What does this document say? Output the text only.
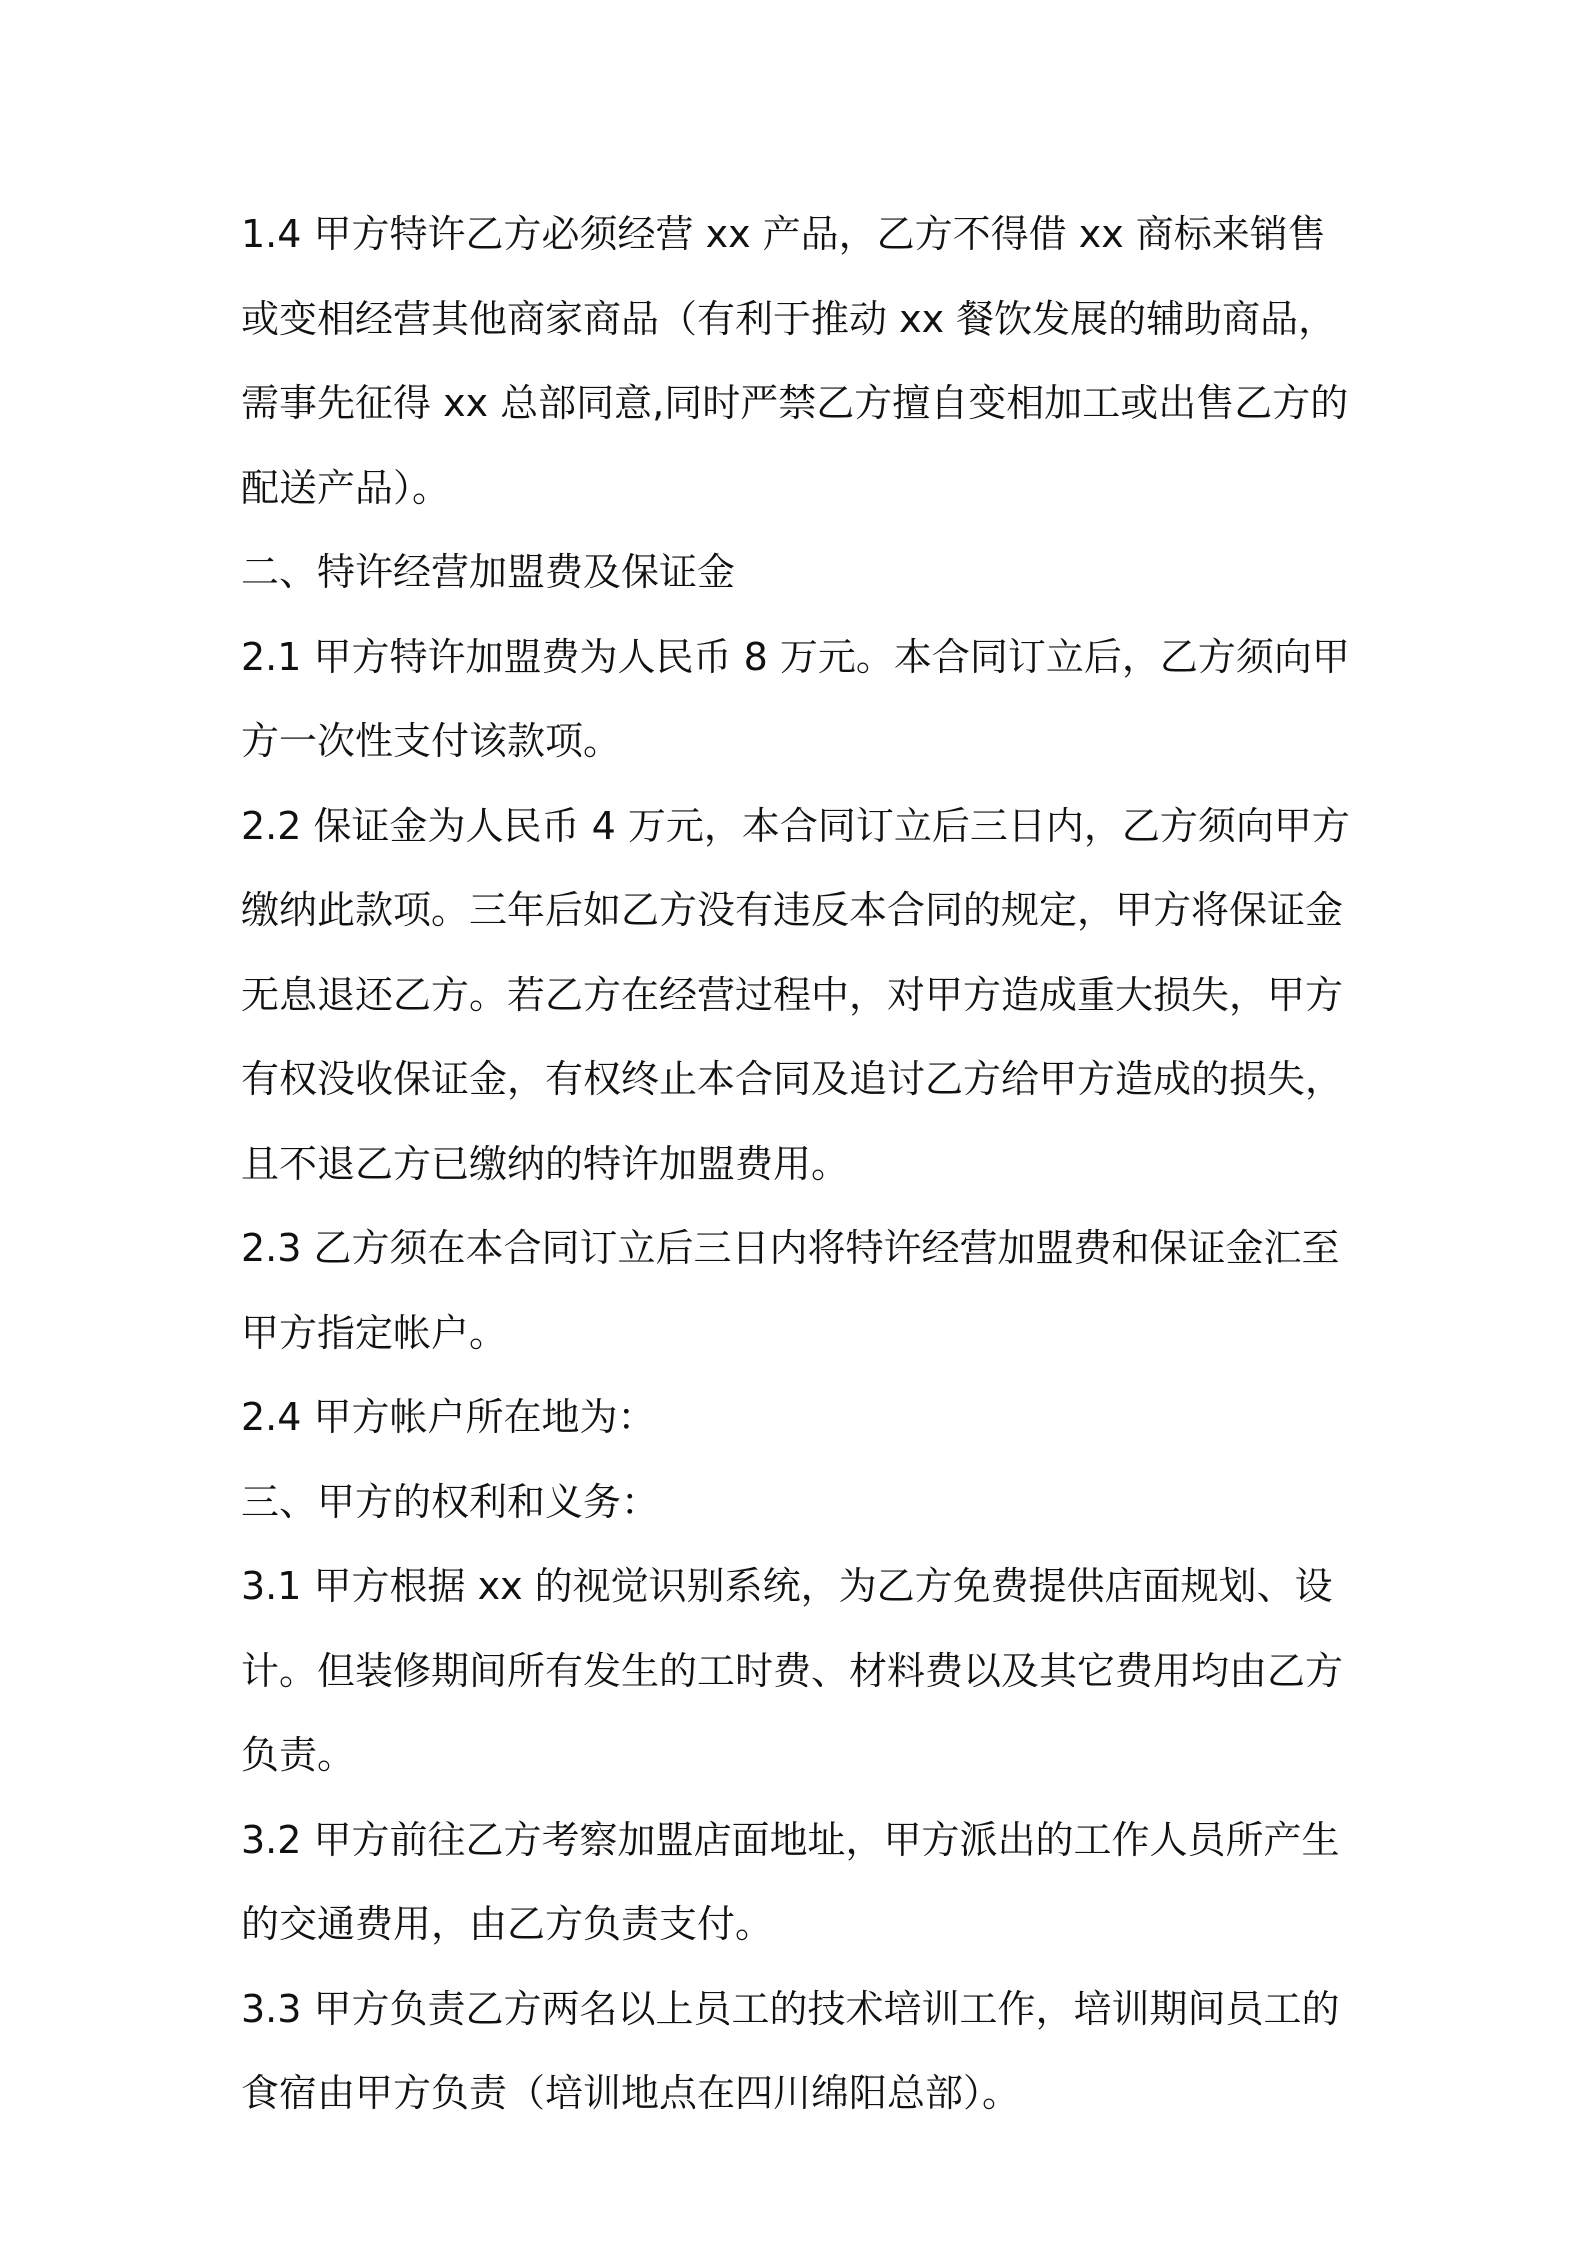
1.4 甲方特许乙方必须经营 xx 产品，乙方不得借 xx 商标来销售或变相经营其他商家商品（有利于推动 xx 餐饮发展的辅助商品，需事先征得 xx 总部同意,同时严禁乙方擅自变相加工或出售乙方的配送产品）。

二、特许经营加盟费及保证金

2.1 甲方特许加盟费为人民币 8 万元。本合同订立后，乙方须向甲方一次性支付该款项。

2.2 保证金为人民币 4 万元，本合同订立后三日内，乙方须向甲方缴纳此款项。三年后如乙方没有违反本合同的规定，甲方将保证金无息退还乙方。若乙方在经营过程中，对甲方造成重大损失，甲方有权没收保证金，有权终止本合同及追讨乙方给甲方造成的损失，且不退乙方已缴纳的特许加盟费用。

2.3 乙方须在本合同订立后三日内将特许经营加盟费和保证金汇至甲方指定帐户。

2.4 甲方帐户所在地为：

三、甲方的权利和义务：

3.1 甲方根据 xx 的视觉识别系统，为乙方免费提供店面规划、设计。但装修期间所有发生的工时费、材料费以及其它费用均由乙方负责。

3.2 甲方前往乙方考察加盟店面地址，甲方派出的工作人员所产生的交通费用，由乙方负责支付。

3.3 甲方负责乙方两名以上员工的技术培训工作，培训期间员工的食宿由甲方负责（培训地点在四川绵阳总部）。
